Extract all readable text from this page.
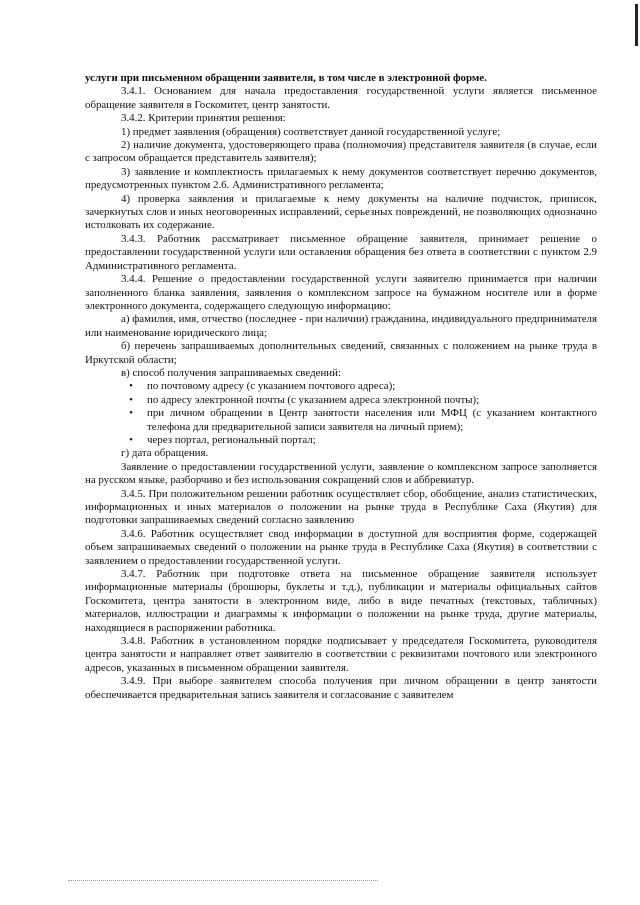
услуги при письменном обращении заявителя, в том числе в электронной форме.

3.4.1. Основанием для начала предоставления государственной услуги является письменное обращение заявителя в Госкомитет, центр занятости.

3.4.2. Критерии принятия решения:

1) предмет заявления (обращения) соответствует данной государственной услуге;

2) наличие документа, удостоверяющего права (полномочия) представителя заявителя (в случае, если с запросом обращается представитель заявителя);

3) заявление и комплектность прилагаемых к нему документов соответствует перечню документов, предусмотренных пунктом 2.6. Административного регламента;

4) проверка заявления и прилагаемые к нему документы на наличие подчисток, приписок, зачеркнутых слов и иных неоговоренных исправлений, серьезных повреждений, не позволяющих однозначно истолковать их содержание.

3.4.3. Работник рассматривает письменное обращение заявителя, принимает решение о предоставлении государственной услуги или оставления обращения без ответа в соответствии с пунктом 2.9 Административного регламента.

3.4.4. Решение о предоставлении государственной услуги заявителю принимается при наличии заполненного бланка заявления, заявления о комплексном запросе на бумажном носителе или в форме электронного документа, содержащего следующую информацию:

а) фамилия, имя, отчество (последнее - при наличии) гражданина, индивидуального предпринимателя или наименование юридического лица;

б) перечень запрашиваемых дополнительных сведений, связанных с положением на рынке труда в Иркутской области;

в) способ получения запрашиваемых сведений:

•	по почтовому адресу (с указанием почтового адреса);
•	по адресу электронной почты (с указанием адреса электронной почты);
•	при личном обращении в Центр занятости населения или МФЦ (с указанием контактного телефона для предварительной записи заявителя на личный прием);
•	через портал, региональный портал;

г) дата обращения.

Заявление о предоставлении государственной услуги, заявление о комплексном запросе заполняется на русском языке, разборчиво и без использования сокращений слов и аббревиатур.

3.4.5. При положительном решении работник осуществляет сбор, обобщение, анализ статистических, информационных и иных материалов о положении на рынке труда в Республике Саха (Якутия) для подготовки запрашиваемых сведений согласно заявлению

3.4.6. Работник осуществляет свод информации в доступной для восприятия форме, содержащей объем запрашиваемых сведений о положении на рынке труда в Республике Саха (Якутия) в соответствии с заявлением о предоставлении государственной услуги.

3.4.7. Работник при подготовке ответа на письменное обращение заявителя использует информационные материалы (брошюры, буклеты и т.д.), публикации и материалы официальных сайтов Госкомитета, центра занятости в электронном виде, либо в виде печатных (текстовых, табличных) материалов, иллюстрации и диаграммы к информации о положении на рынке труда, другие материалы, находящиеся в распоряжении работника.

3.4.8. Работник в установленном порядке подписывает у председателя Госкомитета, руководителя центра занятости и направляет ответ заявителю в соответствии с реквизитами почтового или электронного адресов, указанных в письменном обращении заявителя.

3.4.9. При выборе заявителем способа получения при личном обращении в центр занятости обеспечивается предварительная запись заявителя и согласование с заявителем
